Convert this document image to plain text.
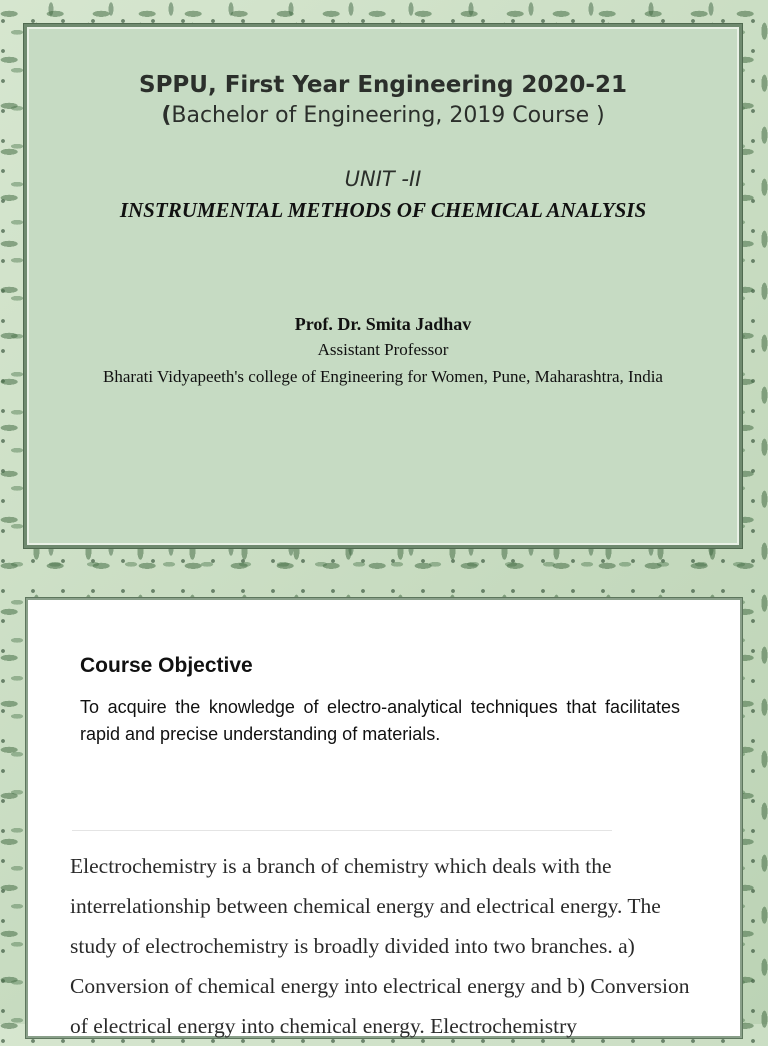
SPPU, First Year Engineering 2020-21
(Bachelor of Engineering, 2019 Course )
UNIT -II
INSTRUMENTAL METHODS OF CHEMICAL ANALYSIS
Prof. Dr. Smita Jadhav
Assistant Professor
Bharati Vidyapeeth's college of Engineering for Women, Pune, Maharashtra, India
Course Objective
To acquire the knowledge of electro-analytical techniques that facilitates rapid and precise understanding of materials.
Electrochemistry is a branch of chemistry which deals with the interrelationship between chemical energy and electrical energy. The study of electrochemistry is broadly divided into two branches. a) Conversion of chemical energy into electrical energy and b) Conversion of electrical energy into chemical energy. Electrochemistry
